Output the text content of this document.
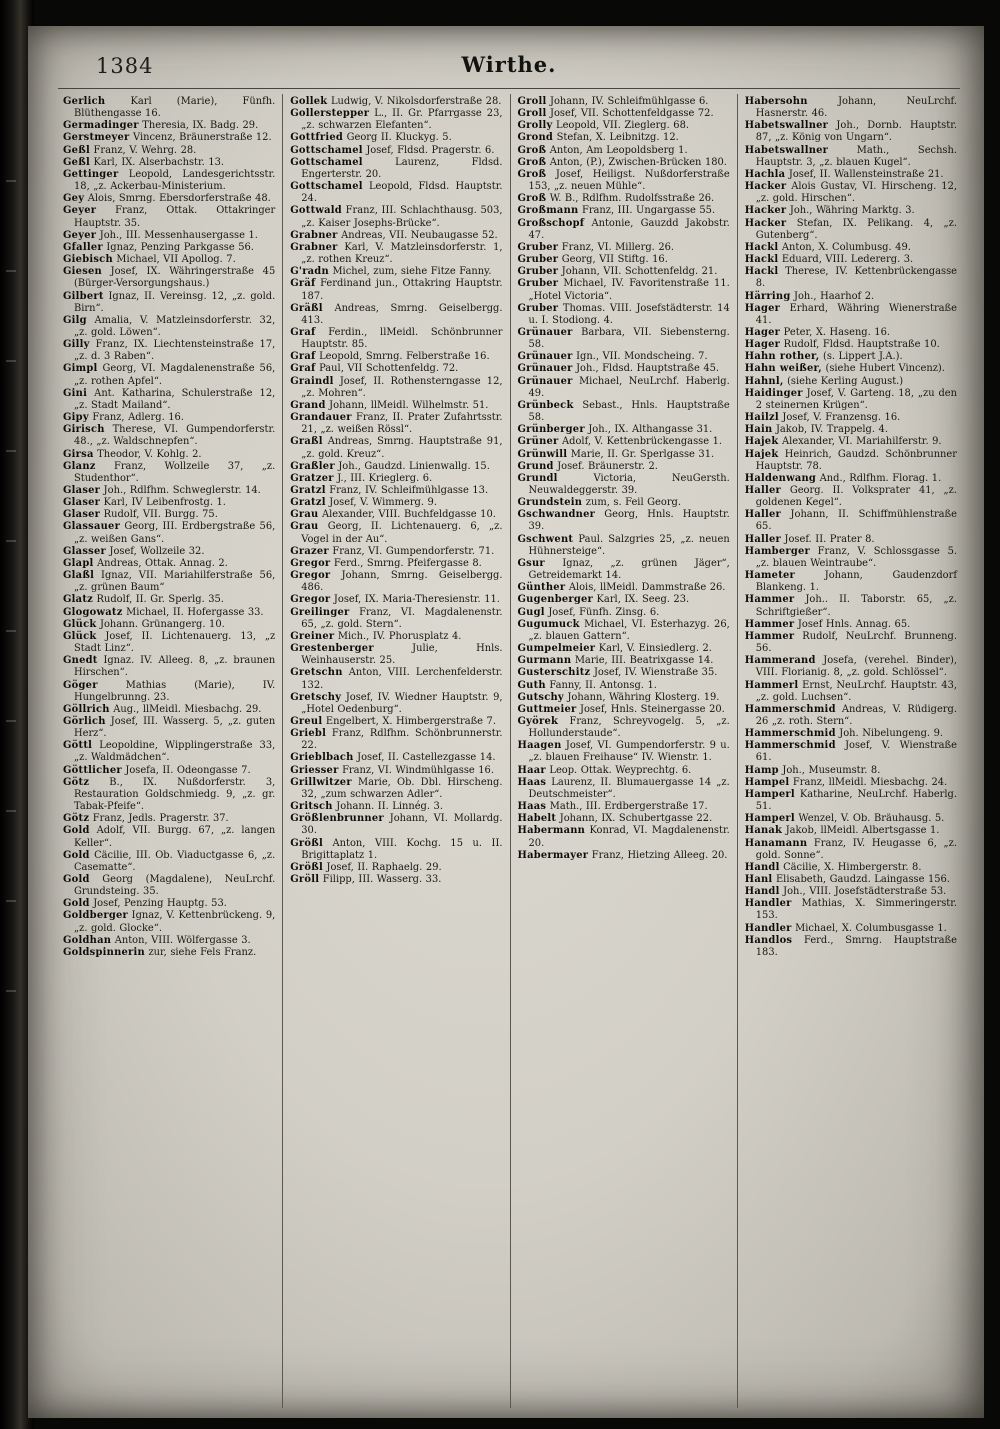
1384	Wirthe.

Gerlich Karl (Marie), Fünfh. Blüthengasse 16.

Germadinger Theresia, IX. Badg. 29.

Gerstmeyer Vincenz, Bräunerstraße 12.

Geßl Franz, V. Wehrg. 28.

Geßl Karl, IX. Alserbachstr. 13.

Gettinger Leopold, Landesgerichtsstr. 18, „z. Ackerbau-Ministerium.

Gey Alois, Smrng. Ebersdorferstraße 48.

Geyer Franz, Ottak. Ottakringer Hauptstr. 35.

Geyer Joh., III. Messenhausergasse 1.

Gfaller Ignaz, Penzing Parkgasse 56.

Giebisch Michael, VII Apollog. 7.

Giesen Josef, IX. Währingerstraße 45 (Bürger-Versorgungshaus.)

Gilbert Ignaz, II. Vereinsg. 12, „z. gold. Birn“.

Gilg Amalia, V. Matzleinsdorferstr. 32, „z. gold. Löwen“.

Gilly Franz, IX. Liechtensteinstraße 17, „z. d. 3 Raben“.

Gimpl Georg, VI. Magdalenenstraße 56, „z. rothen Apfel“.

Gini Ant. Katharina, Schulerstraße 12, „z. Stadt Mailand“.

Gipy Franz, Adlerg. 16.

Girisch Therese, VI. Gumpendorferstr. 48., „z. Waldschnepfen“.

Girsa Theodor, V. Kohlg. 2.

Glanz Franz, Wollzeile 37, „z. Studenthor“.

Glaser Joh., Rdlfhm. Schweglerstr. 14.

Glaser Karl, IV Leibenfrostg. 1.

Glaser Rudolf, VII. Burgg. 75.

Glassauer Georg, III. Erdbergstraße 56, „z. weißen Gans“.

Glasser Josef, Wollzeile 32.

Glapl Andreas, Ottak. Annag. 2.

Glaßl Ignaz, VII. Mariahilferstraße 56, „z. grünen Baum“

Glatz Rudolf, II. Gr. Sperlg. 35.

Glogowatz Michael, II. Hofergasse 33.

Glück Johann. Grünangerg. 10.

Glück Josef, II. Lichtenauerg. 13, „z Stadt Linz“.

Gnedt Ignaz. IV. Alleeg. 8, „z. braunen Hirschen“.

Göger Mathias (Marie), IV. Hungelbrunng. 23.

Göllrich Aug., llMeidl. Miesbachg. 29.

Görlich Josef, III. Wasserg. 5, „z. guten Herz“.

Göttl Leopoldine, Wipplingerstraße 33, „z. Waldmädchen“.

Göttlicher Josefa, II. Odeongasse 7.

Götz B., IX. Nußdorferstr. 3, Restauration Goldschmiedg. 9, „z. gr. Tabak-Pfeife“.

Götz Franz, Jedls. Pragerstr. 37.

Gold Adolf, VII. Burgg. 67, „z. langen Keller“.

Gold Cäcilie, III. Ob. Viaductgasse 6, „z. Casematte“.

Gold Georg (Magdalene), NeuLrchf. Grundsteing. 35.

Gold Josef, Penzing Hauptg. 53.

Goldberger Ignaz, V. Kettenbrückeng. 9, „z. gold. Glocke“.

Goldhan Anton, VIII. Wölfergasse 3.

Goldspinnerin zur, siehe Fels Franz.

Gollek Ludwig, V. Nikolsdorferstraße 28.

Gollerstepper L., II. Gr. Pfarrgasse 23, „z. schwarzen Elefanten“.

Gottfried Georg II. Kluckyg. 5.

Gottschamel Josef, Fldsd. Pragerstr. 6.

Gottschamel Laurenz, Fldsd. Engerterstr. 20.

Gottschamel Leopold, Fldsd. Hauptstr. 24.

Gottwald Franz, III. Schlachthausg. 503, „z. Kaiser Josephs-Brücke“.

Grabner Andreas, VII. Neubaugasse 52.

Grabner Karl, V. Matzleinsdorferstr. 1, „z. rothen Kreuz“.

G'radn Michel, zum, siehe Fitze Fanny.

Gräf Ferdinand jun., Ottakring Hauptstr. 187.

Gräßl Andreas, Smrng. Geiselbergg. 413.

Graf Ferdin., llMeidl. Schönbrunner Hauptstr. 85.

Graf Leopold, Smrng. Felberstraße 16.

Graf Paul, VII Schottenfeldg. 72.

Graindl Josef, II. Rothensterngasse 12, „z. Mohren“.

Grand Johann, llMeidl. Wilhelmstr. 51.

Grandauer Franz, II. Prater Zufahrtsstr. 21, „z. weißen Rössl“.

Graßl Andreas, Smrng. Hauptstraße 91, „z. gold. Kreuz“.

Graßler Joh., Gaudzd. Linienwallg. 15.

Gratzer J., III. Krieglerg. 6.

Gratzl Franz, IV. Schleifmühlgasse 13.

Gratzl Josef, V. Wimmerg. 9.

Grau Alexander, VIII. Buchfeldgasse 10.

Grau Georg, II. Lichtenauerg. 6, „z. Vogel in der Au“.

Grazer Franz, VI. Gumpendorferstr. 71.

Gregor Ferd., Smrng. Pfeifergasse 8.

Gregor Johann, Smrng. Geiselbergg. 486.

Gregor Josef, IX. Maria-Theresienstr. 11.

Greilinger Franz, VI. Magdalenenstr. 65, „z. gold. Stern“.

Greiner Mich., IV. Phorusplatz 4.

Grestenberger Julie, Hnls. Weinhauserstr. 25.

Gretschn Anton, VIII. Lerchenfelderstr. 132.

Gretschy Josef, IV. Wiedner Hauptstr. 9, „Hotel Oedenburg“.

Greul Engelbert, X. Himbergerstraße 7.

Griebl Franz, Rdlfhm. Schönbrunnerstr. 22.

Grieblbach Josef, II. Castellezgasse 14.

Griesser Franz, VI. Windmühlgasse 16.

Grillwitzer Marie, Ob. Dbl. Hirscheng. 32, „zum schwarzen Adler“.

Gritsch Johann. II. Linnég. 3.

Größlenbrunner Johann, VI. Mollardg. 30.

Größl Anton, VIII. Kochg. 15 u. II. Brigittaplatz 1.

Größl Josef, II. Raphaelg. 29.

Gröll Filipp, III. Wasserg. 33.

Groll Johann, IV. Schleifmühlgasse 6.

Groll Josef, VII. Schottenfeldgasse 72.

Grolly Leopold, VII. Zieglerg. 68.

Grond Stefan, X. Leibnitzg. 12.

Groß Anton, Am Leopoldsberg 1.

Groß Anton, (P.), Zwischen-Brücken 180.

Groß Josef, Heiligst. Nußdorferstraße 153, „z. neuen Mühle“.

Groß W. B., Rdlfhm. Rudolfsstraße 26.

Großmann Franz, III. Ungargasse 55.

Großschopf Antonie, Gauzdd Jakobstr. 47.

Gruber Franz, VI. Millerg. 26.

Gruber Georg, VII Stiftg. 16.

Gruber Johann, VII. Schottenfeldg. 21.

Gruber Michael, IV. Favoritenstraße 11. „Hotel Victoria“.

Gruber Thomas. VIII. Josefstädterstr. 14 u. I. Stodiong. 4.

Grünauer Barbara, VII. Siebensterng. 58.

Grünauer Ign., VII. Mondscheing. 7.

Grünauer Joh., Fldsd. Hauptstraße 45.

Grünauer Michael, NeuLrchf. Haberlg. 49.

Grünbeck Sebast., Hnls. Hauptstraße 58.

Grünberger Joh., IX. Althangasse 31.

Grüner Adolf, V. Kettenbrückengasse 1.

Grünwill Marie, II. Gr. Sperlgasse 31.

Grund Josef. Bräunerstr. 2.

Grundl Victoria, NeuGersth. Neuwaldeggerstr. 39.

Grundstein zum, s. Feil Georg.

Gschwandner Georg, Hnls. Hauptstr. 39.

Gschwent Paul. Salzgries 25, „z. neuen Hühnersteige“.

Gsur Ignaz, „z. grünen Jäger“, Getreidemarkt 14.

Günther Alois, llMeidl. Dammstraße 26.

Gugenberger Karl, IX. Seeg. 23.

Gugl Josef, Fünfh. Zinsg. 6.

Gugumuck Michael, VI. Esterhazyg. 26, „z. blauen Gattern“.

Gumpelmeier Karl, V. Einsiedlerg. 2.

Gurmann Marie, III. Beatrixgasse 14.

Gusterschitz Josef, IV. Wienstraße 35.

Guth Fanny, II. Antonsg. 1.

Gutschy Johann, Währing Klosterg. 19.

Guttmeier Josef, Hnls. Steinergasse 20.

Györek Franz, Schreyvogelg. 5, „z. Hollunderstaude“.

Haagen Josef, VI. Gumpendorferstr. 9 u. „z. blauen Freihause“ IV. Wienstr. 1.

Haar Leop. Ottak. Weyprechtg. 6.

Haas Laurenz, II. Blumauergasse 14 „z. Deutschmeister“.

Haas Math., III. Erdbergerstraße 17.

Habelt Johann, IX. Schubertgasse 22.

Habermann Konrad, VI. Magdalenenstr. 20.

Habermayer Franz, Hietzing Alleeg. 20.

Habersohn Johann, NeuLrchf. Hasnerstr. 46.

Habetswallner Joh., Dornb. Hauptstr. 87, „z. König von Ungarn“.

Habetswallner Math., Sechsh. Hauptstr. 3, „z. blauen Kugel“.

Hachla Josef, II. Wallensteinstraße 21.

Hacker Alois Gustav, VI. Hirscheng. 12, „z. gold. Hirschen“.

Hacker Joh., Währing Marktg. 3.

Hacker Stefan, IX. Pelikang. 4, „z. Gutenberg“.

Hackl Anton, X. Columbusg. 49.

Hackl Eduard, VIII. Ledererg. 3.

Hackl Therese, IV. Kettenbrückengasse 8.

Härring Joh., Haarhof 2.

Hager Erhard, Währing Wienerstraße 41.

Hager Peter, X. Haseng. 16.

Hager Rudolf, Fldsd. Hauptstraße 10.

Hahn rother, (s. Lippert J.A.).

Hahn weißer, (siehe Hubert Vincenz).

Hahnl, (siehe Kerling August.)

Haidinger Josef, V. Garteng. 18, „zu den 2 steinernen Krügen“.

Hailzl Josef, V. Franzensg. 16.

Hain Jakob, IV. Trappelg. 4.

Hajek Alexander, VI. Mariahilferstr. 9.

Hajek Heinrich, Gaudzd. Schönbrunner Hauptstr. 78.

Haldenwang And., Rdlfhm. Florag. 1.

Haller Georg. II. Volksprater 41, „z. goldenen Kegel“.

Haller Johann, II. Schiffmühlenstraße 65.

Haller Josef. II. Prater 8.

Hamberger Franz, V. Schlossgasse 5. „z. blauen Weintraube“.

Hameter Johann, Gaudenzdorf Blankeng. 1.

Hammer Joh.. II. Taborstr. 65, „z. Schriftgießer“.

Hammer Josef Hnls. Annag. 65.

Hammer Rudolf, NeuLrchf. Brunneng. 56.

Hammerand Josefa, (verehel. Binder), VIII. Florianig. 8, „z. gold. Schlössel“.

Hammerl Ernst, NeuLrchf. Hauptstr. 43, „z. gold. Luchsen“.

Hammerschmid Andreas, V. Rüdigerg. 26 „z. roth. Stern“.

Hammerschmid Joh. Nibelungeng. 9.

Hammerschmid Josef, V. Wienstraße 61.

Hamp Joh., Museumstr. 8.

Hampel Franz, llMeidl. Miesbachg. 24.

Hamperl Katharine, NeuLrchf. Haberlg. 51.

Hamperl Wenzel, V. Ob. Bräuhausg. 5.

Hanak Jakob, llMeidl. Albertsgasse 1.

Hanamann Franz, IV. Heugasse 6, „z. gold. Sonne“.

Handl Cäcilie, X. Himbergerstr. 8.

Hanl Elisabeth, Gaudzd. Laingasse 156.

Handl Joh., VIII. Josefstädterstraße 53.

Handler Mathias, X. Simmeringerstr. 153.

Handler Michael, X. Columbusgasse 1.

Handlos Ferd., Smrng. Hauptstraße 183.
